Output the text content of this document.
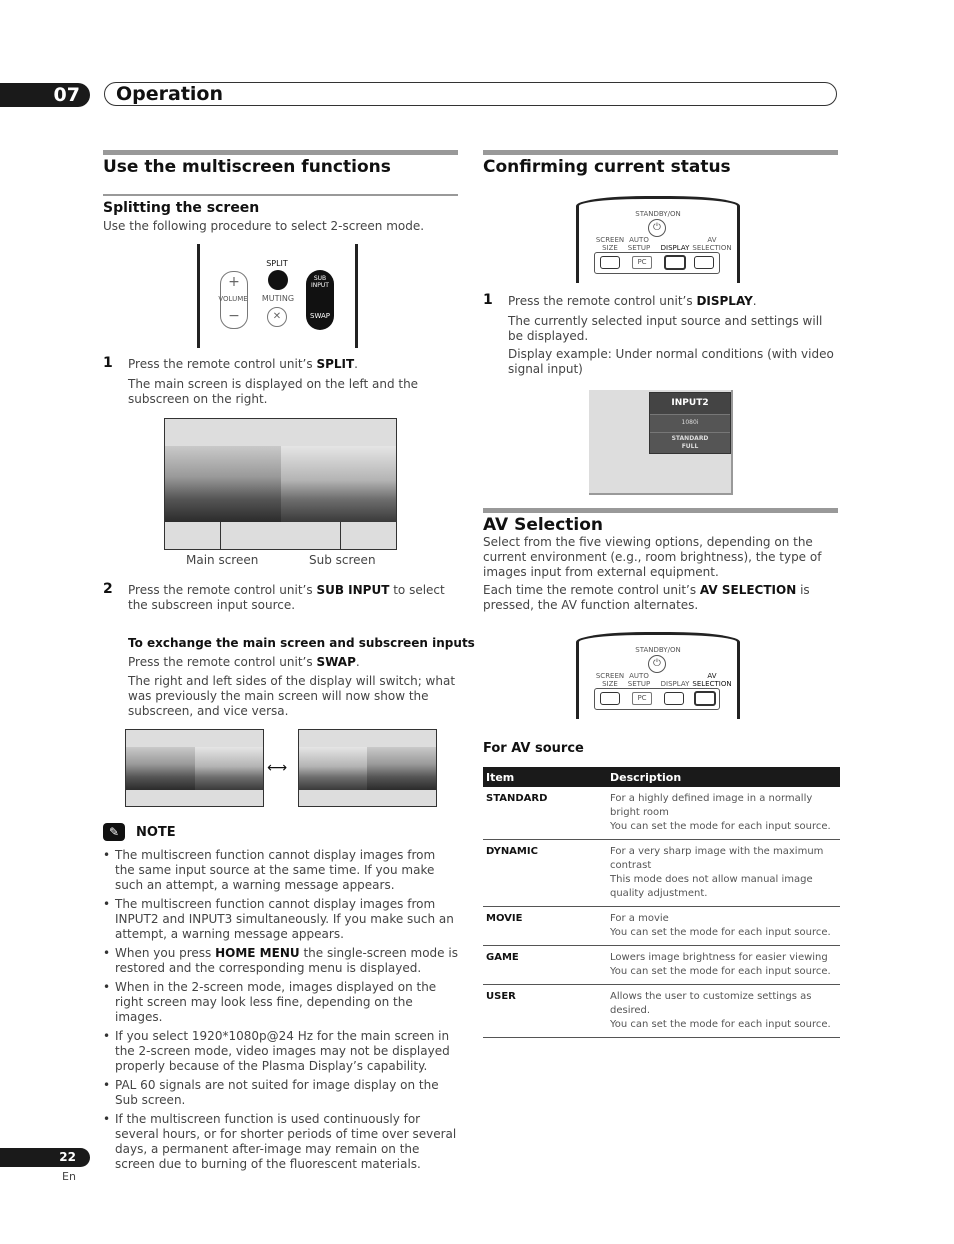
07	Operation
Use the multiscreen functions
Splitting the screen
Use the following procedure to select 2-screen mode.
+
−
VOLUME
SPLIT
MUTING
✕
SUB
INPUT
SWAP
1 Press the remote control unit’s SPLIT.
The main screen is displayed on the left and the subscreen on the right.
Main screen	Sub screen
2 Press the remote control unit’s SUB INPUT to select the subscreen input source.
To exchange the main screen and subscreen inputs
Press the remote control unit’s SWAP.
The right and left sides of the display will switch; what was previously the main screen will now show the subscreen, and vice versa.
⟷
✎	NOTE
• The multiscreen function cannot display images from the same input source at the same time. If you make such an attempt, a warning message appears.
• The multiscreen function cannot display images from INPUT2 and INPUT3 simultaneously. If you make such an attempt, a warning message appears.
• When you press HOME MENU the single-screen mode is restored and the corresponding menu is displayed.
• When in the 2-screen mode, images displayed on the right screen may look less fine, depending on the images.
• If you select 1920*1080p@24 Hz for the main screen in the 2-screen mode, video images may not be displayed properly because of the Plasma Display’s capability.
• PAL 60 signals are not suited for image display on the Sub screen.
• If the multiscreen function is used continuously for several hours, or for shorter periods of time over several days, a permanent after-image may remain on the screen due to burning of the fluorescent materials.
Confirming current status
STANDBY/ON
⏻
SCREEN
SIZE
AUTO
SETUP	DISPLAY
AV
SELECTION
PC
1 Press the remote control unit’s DISPLAY.
The currently selected input source and settings will be displayed.
Display example: Under normal conditions (with video signal input)
INPUT2
1080i
STANDARD
FULL
AV Selection
Select from the five viewing options, depending on the current environment (e.g., room brightness), the type of images input from external equipment.
Each time the remote control unit’s AV SELECTION is pressed, the AV function alternates.
STANDBY/ON
⏻
SCREEN
SIZE
AUTO
SETUP	DISPLAY
AV
SELECTION
PC
For AV source
Item	Description
STANDARD	For a highly defined image in a normally bright room
You can set the mode for each input source.
DYNAMIC	For a very sharp image with the maximum contrast
This mode does not allow manual image quality adjustment.
MOVIE	For a movie
You can set the mode for each input source.
GAME	Lowers image brightness for easier viewing
You can set the mode for each input source.
USER	Allows the user to customize settings as desired.
You can set the mode for each input source.
22
En
